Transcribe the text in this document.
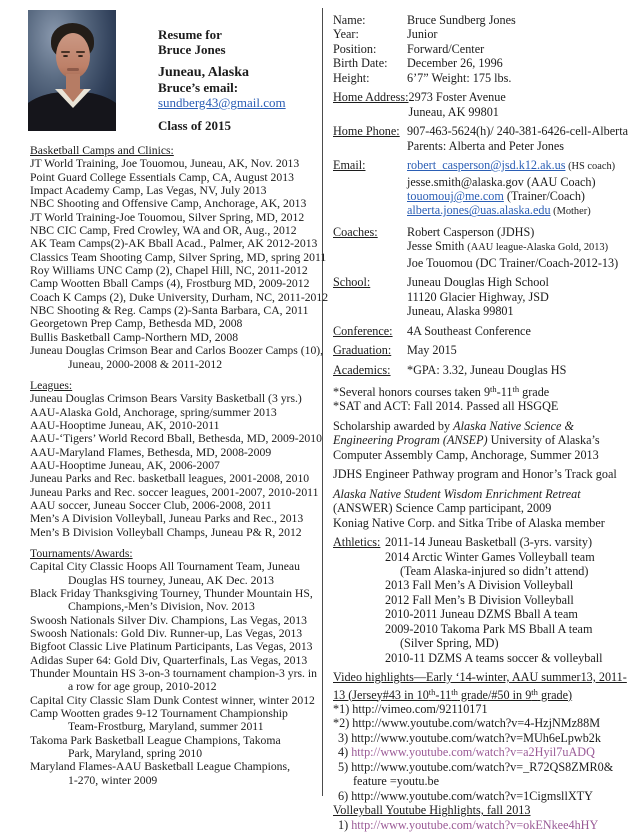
Resume for
Bruce Jones
Juneau, Alaska
Bruce’s email:
sundberg43@gmail.com
Class of 2015
Basketball Camps and Clinics:
JT World Training, Joe Touomou, Juneau, AK, Nov. 2013
Point Guard College Essentials Camp, CA, August 2013
Impact Academy Camp, Las Vegas, NV, July 2013
NBC Shooting and Offensive Camp, Anchorage, AK, 2013
JT World Training-Joe Touomou, Silver Spring, MD, 2012
NBC CIC Camp, Fred Crowley, WA and OR, Aug., 2012
AK Team Camps(2)-AK Bball Acad., Palmer, AK 2012-2013
Classics Team Shooting Camp, Silver Spring, MD, spring 2011
Roy Williams UNC Camp (2), Chapel Hill, NC, 2011-2012
Camp Wootten Bball Camps (4), Frostburg MD, 2009-2012
Coach K Camps (2), Duke University, Durham, NC, 2011-2012
NBC Shooting & Reg. Camps (2)-Santa Barbara, CA, 2011
Georgetown Prep Camp, Bethesda MD, 2008
Bullis Basketball Camp-Northern MD, 2008
Juneau Douglas Crimson Bear and Carlos Boozer Camps (10),
Juneau, 2000-2008 & 2011-2012
Leagues:
Juneau Douglas Crimson Bears Varsity Basketball (3 yrs.)
AAU-Alaska Gold, Anchorage, spring/summer 2013
AAU-Hooptime Juneau, AK, 2010-2011
AAU-‘Tigers’ World Record Bball, Bethesda, MD, 2009-2010
AAU-Maryland Flames, Bethesda, MD, 2008-2009
AAU-Hooptime Juneau, AK, 2006-2007
Juneau Parks and Rec. basketball leagues, 2001-2008, 2010
Juneau Parks and Rec. soccer leagues, 2001-2007, 2010-2011
AAU soccer, Juneau Soccer Club, 2006-2008, 2011
Men’s A Division Volleyball, Juneau Parks and Rec., 2013
Men’s B Division Volleyball Champs, Juneau P& R, 2012
Tournaments/Awards:
Capital City Classic Hoops All Tournament Team, Juneau
Douglas HS tourney, Juneau, AK Dec. 2013
Black Friday Thanksgiving Tourney, Thunder Mountain HS,
Champions,-Men’s Division, Nov. 2013
Swoosh Nationals Silver Div. Champions, Las Vegas, 2013
Swoosh Nationals: Gold Div. Runner-up, Las Vegas, 2013
Bigfoot Classic Live Platinum Participants, Las Vegas, 2013
Adidas Super 64: Gold Div, Quarterfinals, Las Vegas, 2013
Thunder Mountain HS 3-on-3 tournament champion-3 yrs. in
a row for age group, 2010-2012
Capital City Classic Slam Dunk Contest winner, winter 2012
Camp Wootten grades 9-12 Tournament Championship
Team-Frostburg, Maryland, summer 2011
Takoma Park Basketball League Champions, Takoma
Park, Maryland, spring 2010
Maryland Flames-AAU Basketball League Champions,
1-270, winter 2009
Name:	Bruce Sundberg Jones
Year:	Junior
Position:	Forward/Center
Birth Date:	December 26, 1996
Height:	6’7” Weight: 175 lbs.
Home Address: 2973 Foster Avenue
Juneau, AK 99801
Home Phone: 907-463-5624(h)/ 240-381-6426-cell-Alberta
Parents: Alberta and Peter Jones
Email:	robert_casperson@jsd.k12.ak.us (HS coach)
jesse.smith@alaska.gov (AAU Coach)
touomouj@me.com (Trainer/Coach)
alberta.jones@uas.alaska.edu (Mother)
Coaches:	Robert Casperson (JDHS)
Jesse Smith (AAU league-Alaska Gold, 2013)
Joe Touomou (DC Trainer/Coach-2012-13)
School:	Juneau Douglas High School
11120 Glacier Highway, JSD
Juneau, Alaska 99801
Conference:	4A Southeast Conference
Graduation:	May 2015
Academics:	*GPA: 3.32, Juneau Douglas HS
*Several honors courses taken 9th-11th grade
*SAT and ACT: Fall 2014. Passed all HSGQE
Scholarship awarded by Alaska Native Science &
Engineering Program (ANSEP) University of Alaska’s
Computer Assembly Camp, Anchorage, Summer 2013
JDHS Engineer Pathway program and Honor’s Track goal
Alaska Native Student Wisdom Enrichment Retreat
(ANSWER) Science Camp participant, 2009
Koniag Native Corp. and Sitka Tribe of Alaska member
Athletics: 2011-14 Juneau Basketball (3-yrs. varsity)
2014 Arctic Winter Games Volleyball team
(Team Alaska-injured so didn’t attend)
2013 Fall Men’s A Division Volleyball
2012 Fall Men’s B Division Volleyball
2010-2011 Juneau DZMS Bball A team
2009-2010 Takoma Park MS Bball A team
(Silver Spring, MD)
2010-11 DZMS A teams soccer & volleyball
Video highlights—Early ‘14-winter, AAU summer13, 2011-
13 (Jersey#43 in 10th-11th grade/#50 in 9th grade)
*1) http://vimeo.com/92110171
*2) http://www.youtube.com/watch?v=4-HzjNMz88M
3) http://www.youtube.com/watch?v=MUh6eLpwb2k
4) http://www.youtube.com/watch?v=a2Hyil7uADQ
5) http://www.youtube.com/watch?v=_R72QS8ZMR0&
feature =youtu.be
6) http://www.youtube.com/watch?v=1CigmsllXTY
Volleyball Youtube Highlights, fall 2013
1) http://www.youtube.com/watch?v=okENkee4hHY
